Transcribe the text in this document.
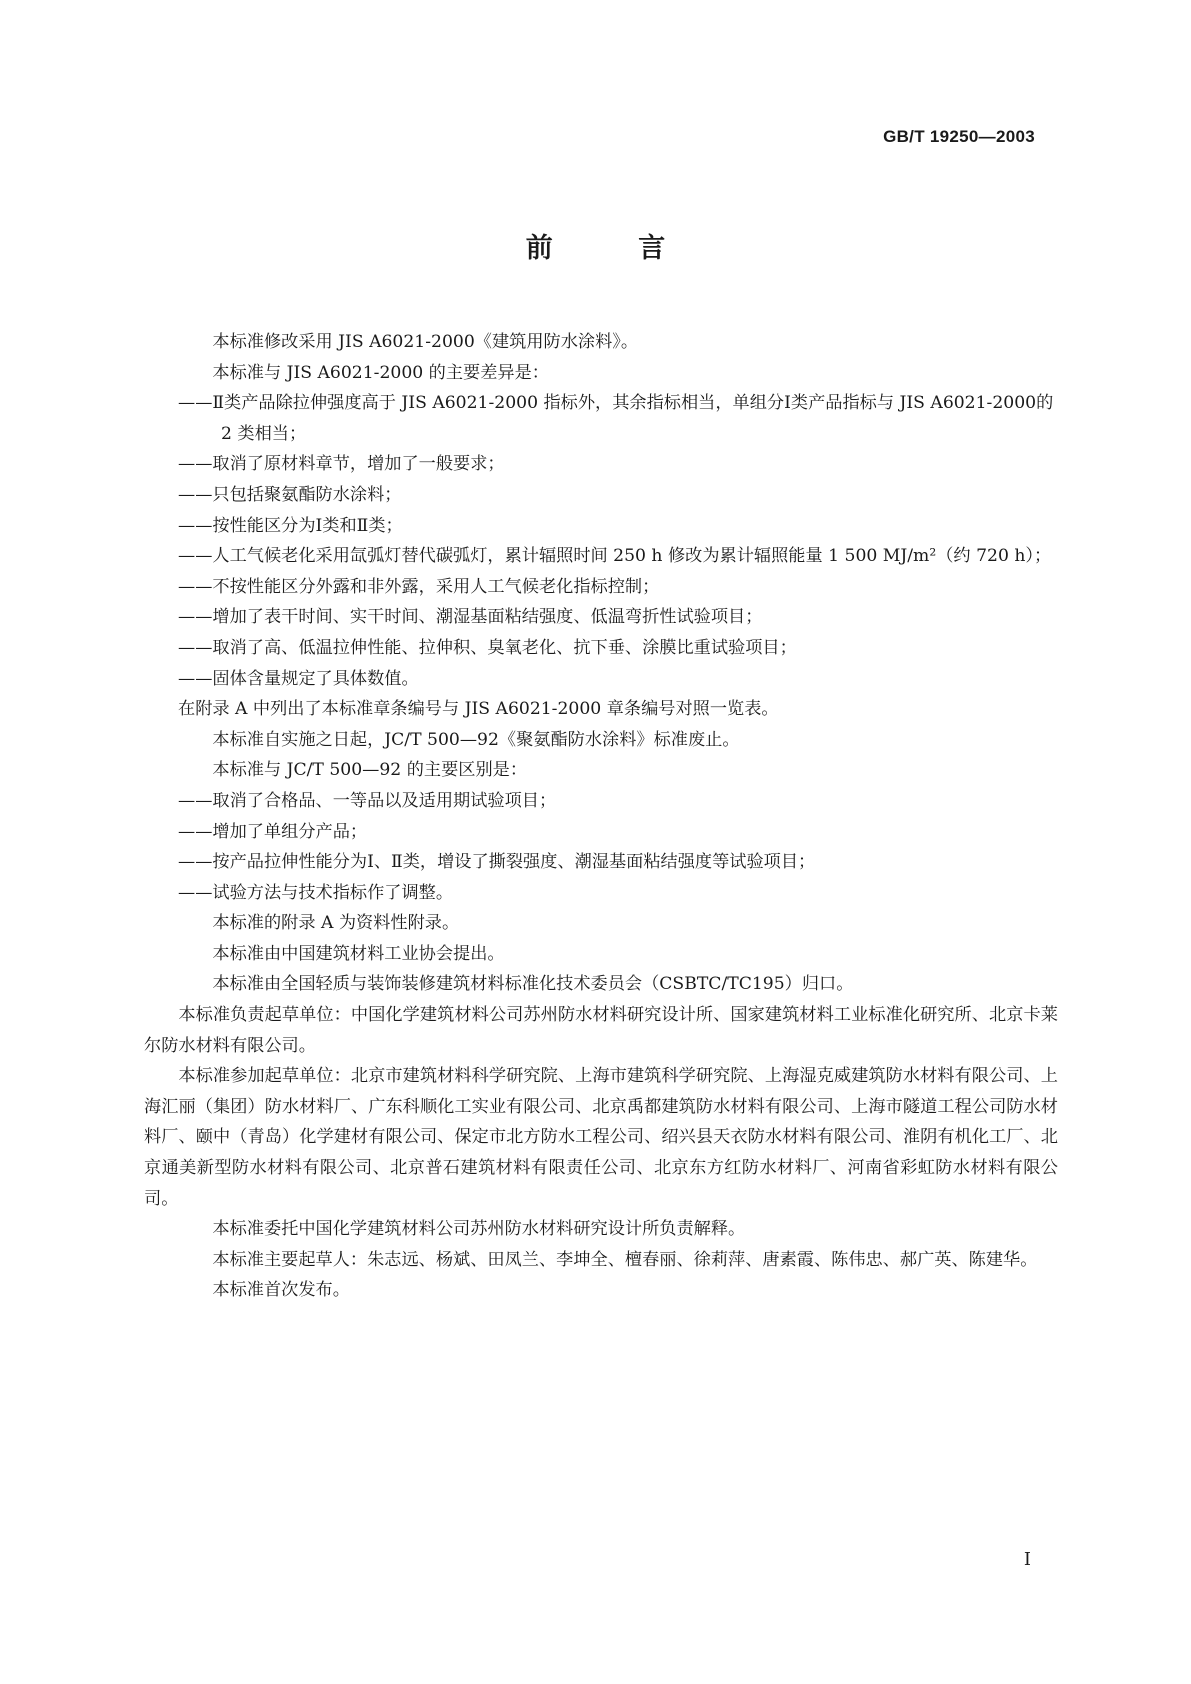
GB/T 19250—2003
前 言

本标准修改采用 JIS A6021-2000《建筑用防水涂料》。

本标准与 JIS A6021-2000 的主要差异是：

——Ⅱ类产品除拉伸强度高于 JIS A6021-2000 指标外，其余指标相当，单组分Ⅰ类产品指标与 JIS A6021-2000的 2 类相当；

——取消了原材料章节，增加了一般要求；

——只包括聚氨酯防水涂料；

——按性能区分为Ⅰ类和Ⅱ类；

——人工气候老化采用氙弧灯替代碳弧灯，累计辐照时间 250 h 修改为累计辐照能量 1 500 MJ/m²（约 720 h）；

——不按性能区分外露和非外露，采用人工气候老化指标控制；

——增加了表干时间、实干时间、潮湿基面粘结强度、低温弯折性试验项目；

——取消了高、低温拉伸性能、拉伸积、臭氧老化、抗下垂、涂膜比重试验项目；

——固体含量规定了具体数值。

在附录 A 中列出了本标准章条编号与 JIS A6021-2000 章条编号对照一览表。

本标准自实施之日起，JC/T 500—92《聚氨酯防水涂料》标准废止。

本标准与 JC/T 500—92 的主要区别是：

——取消了合格品、一等品以及适用期试验项目；

——增加了单组分产品；

——按产品拉伸性能分为Ⅰ、Ⅱ类，增设了撕裂强度、潮湿基面粘结强度等试验项目；

——试验方法与技术指标作了调整。

本标准的附录 A 为资料性附录。

本标准由中国建筑材料工业协会提出。

本标准由全国轻质与装饰装修建筑材料标准化技术委员会（CSBTC/TC195）归口。

本标准负责起草单位：中国化学建筑材料公司苏州防水材料研究设计所、国家建筑材料工业标准化研究所、北京卡莱尔防水材料有限公司。

本标准参加起草单位：北京市建筑材料科学研究院、上海市建筑科学研究院、上海湿克威建筑防水材料有限公司、上海汇丽（集团）防水材料厂、广东科顺化工实业有限公司、北京禹都建筑防水材料有限公司、上海市隧道工程公司防水材料厂、颐中（青岛）化学建材有限公司、保定市北方防水工程公司、绍兴县天衣防水材料有限公司、淮阴有机化工厂、北京通美新型防水材料有限公司、北京普石建筑材料有限责任公司、北京东方红防水材料厂、河南省彩虹防水材料有限公司。

本标准委托中国化学建筑材料公司苏州防水材料研究设计所负责解释。

本标准主要起草人：朱志远、杨斌、田凤兰、李坤全、檀春丽、徐莉萍、唐素霞、陈伟忠、郝广英、陈建华。

本标准首次发布。

I
